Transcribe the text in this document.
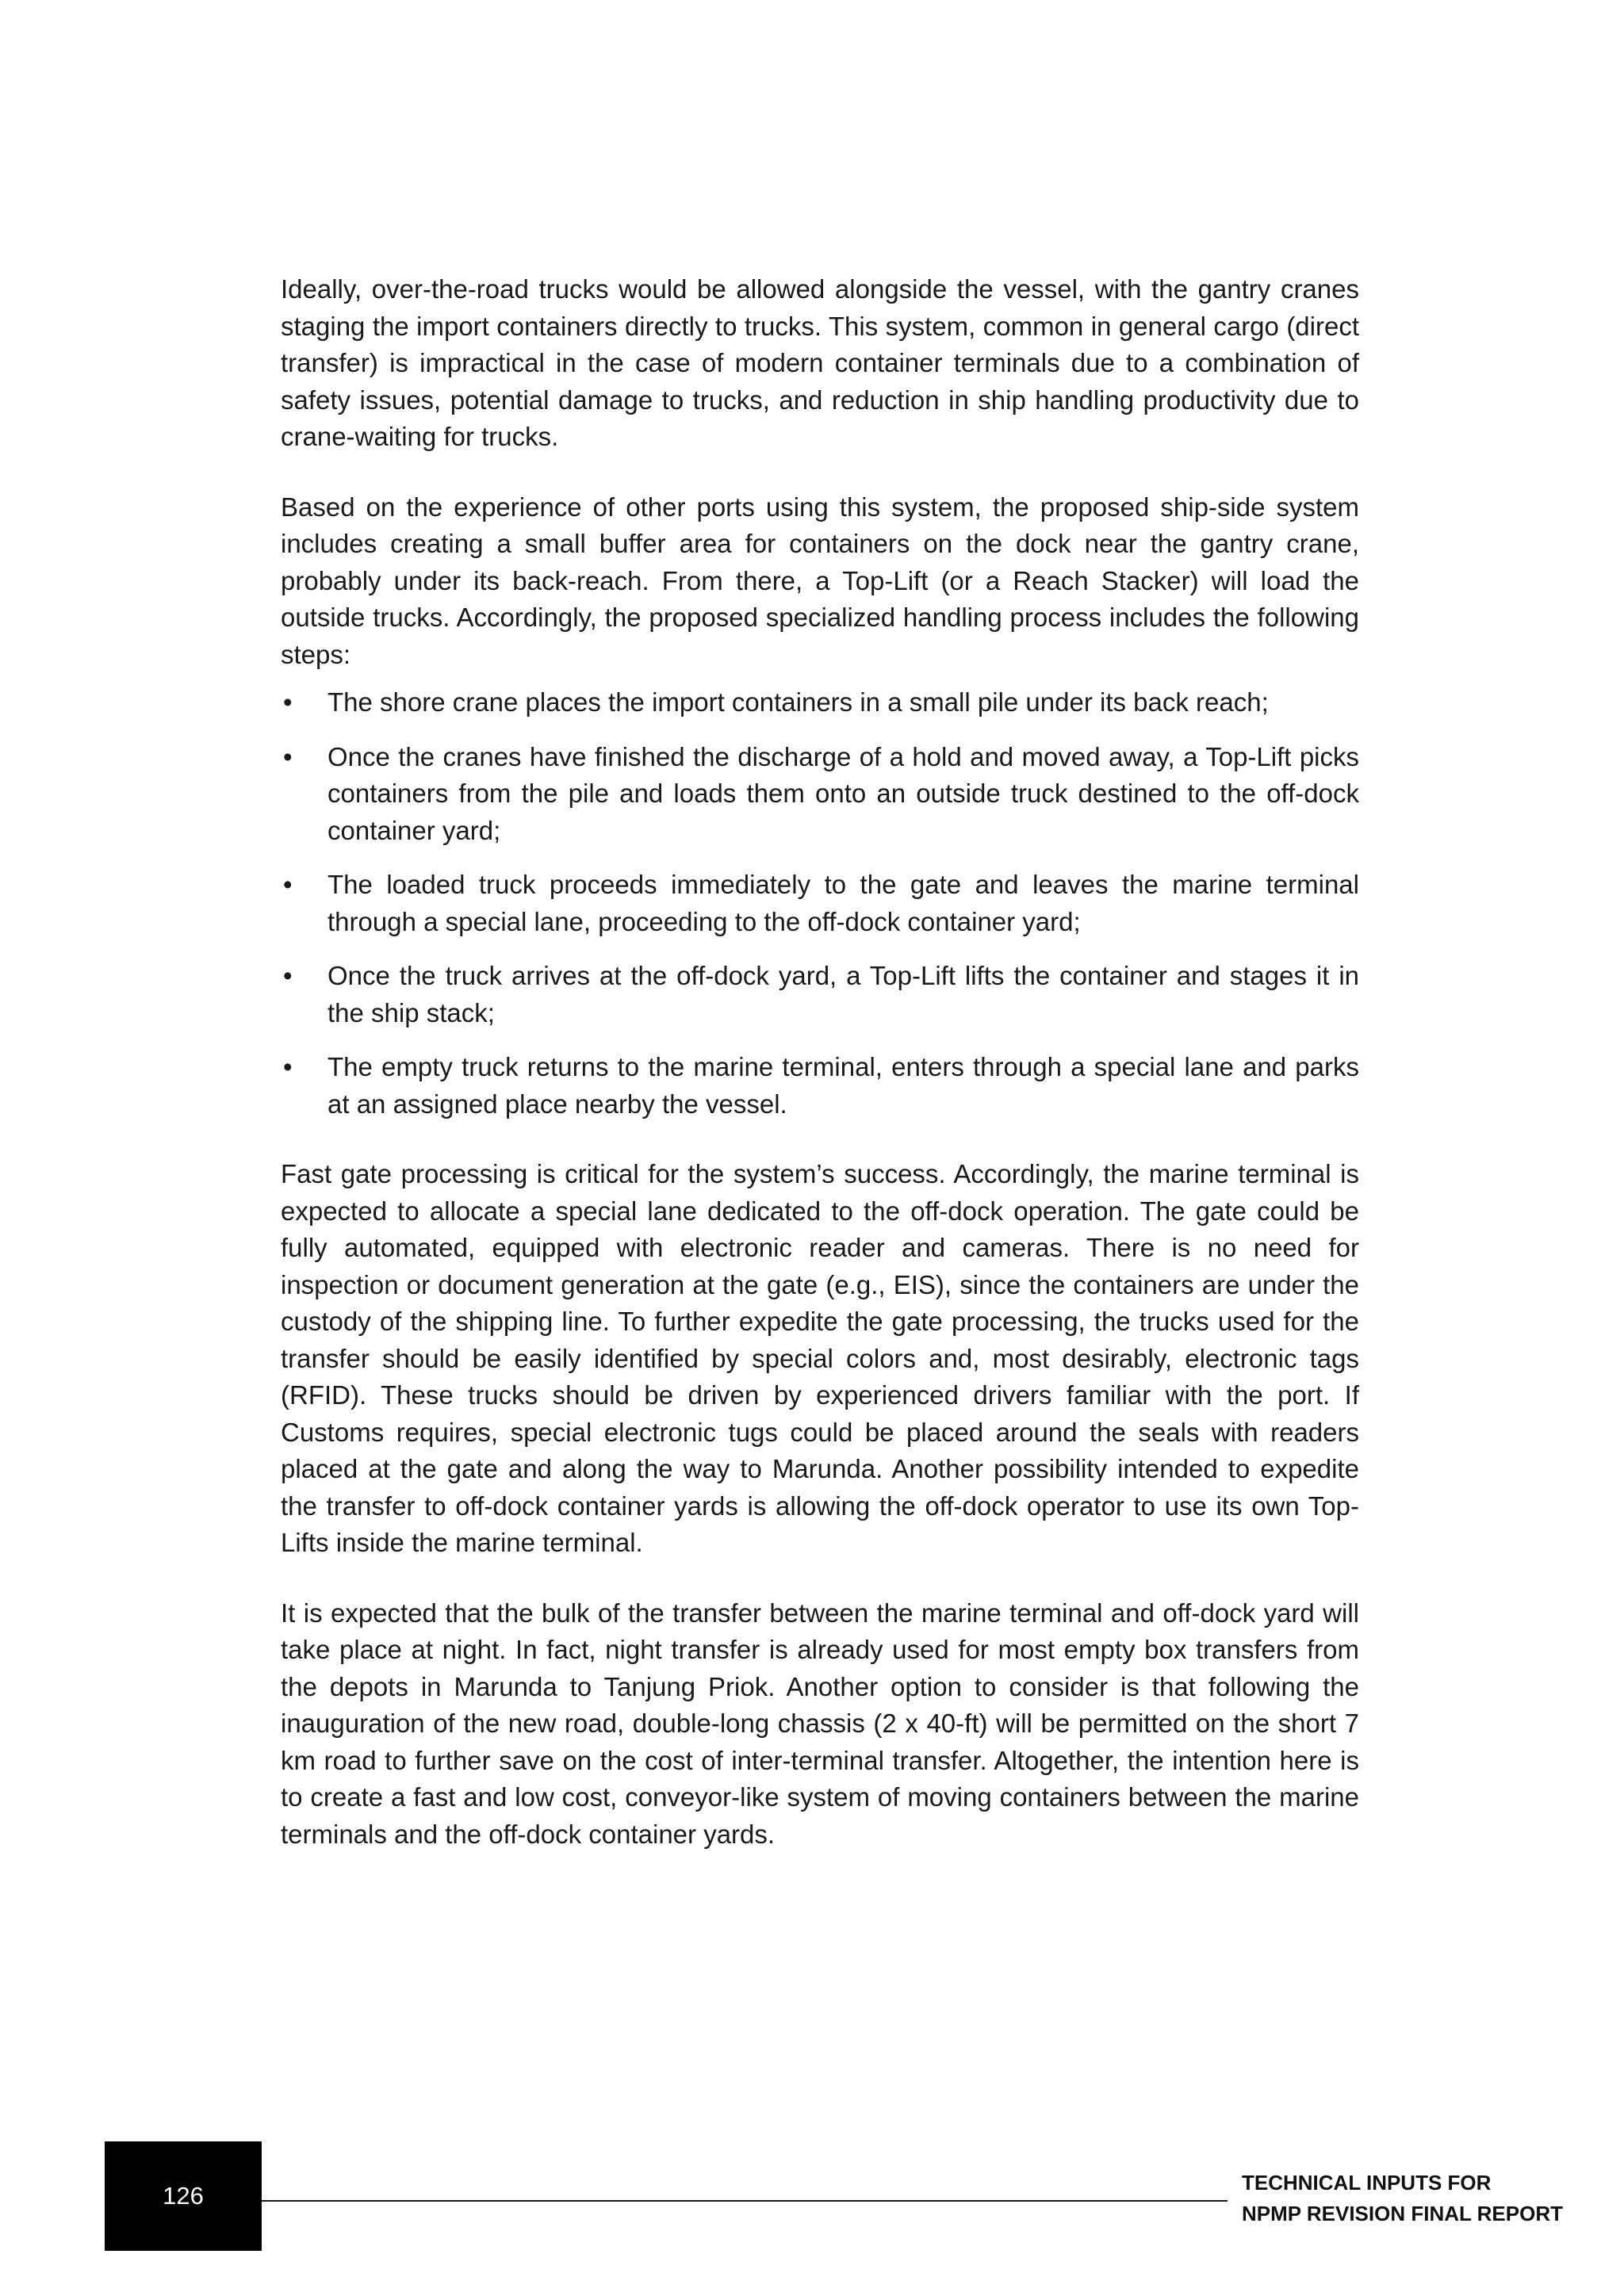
Ideally, over-the-road trucks would be allowed alongside the vessel, with the gantry cranes staging the import containers directly to trucks. This system, common in general cargo (direct transfer) is impractical in the case of modern container terminals due to a combination of safety issues, potential damage to trucks, and reduction in ship handling productivity due to crane-waiting for trucks.

Based on the experience of other ports using this system, the proposed ship-side system includes creating a small buffer area for containers on the dock near the gantry crane, probably under its back-reach. From there, a Top-Lift (or a Reach Stacker) will load the outside trucks. Accordingly, the proposed specialized handling process includes the following steps:

• The shore crane places the import containers in a small pile under its back reach;
• Once the cranes have finished the discharge of a hold and moved away, a Top-Lift picks containers from the pile and loads them onto an outside truck destined to the off-dock container yard;
• The loaded truck proceeds immediately to the gate and leaves the marine terminal through a special lane, proceeding to the off-dock container yard;
• Once the truck arrives at the off-dock yard, a Top-Lift lifts the container and stages it in the ship stack;
• The empty truck returns to the marine terminal, enters through a special lane and parks at an assigned place nearby the vessel.

Fast gate processing is critical for the system’s success. Accordingly, the marine terminal is expected to allocate a special lane dedicated to the off-dock operation. The gate could be fully automated, equipped with electronic reader and cameras. There is no need for inspection or document generation at the gate (e.g., EIS), since the containers are under the custody of the shipping line. To further expedite the gate processing, the trucks used for the transfer should be easily identified by special colors and, most desirably, electronic tags (RFID). These trucks should be driven by experienced drivers familiar with the port. If Customs requires, special electronic tugs could be placed around the seals with readers placed at the gate and along the way to Marunda. Another possibility intended to expedite the transfer to off-dock container yards is allowing the off-dock operator to use its own Top-Lifts inside the marine terminal.

It is expected that the bulk of the transfer between the marine terminal and off-dock yard will take place at night. In fact, night transfer is already used for most empty box transfers from the depots in Marunda to Tanjung Priok. Another option to consider is that following the inauguration of the new road, double-long chassis (2 x 40-ft) will be permitted on the short 7 km road to further save on the cost of inter-terminal transfer. Altogether, the intention here is to create a fast and low cost, conveyor-like system of moving containers between the marine terminals and the off-dock container yards.

126	TECHNICAL INPUTS FOR
NPMP REVISION FINAL REPORT
